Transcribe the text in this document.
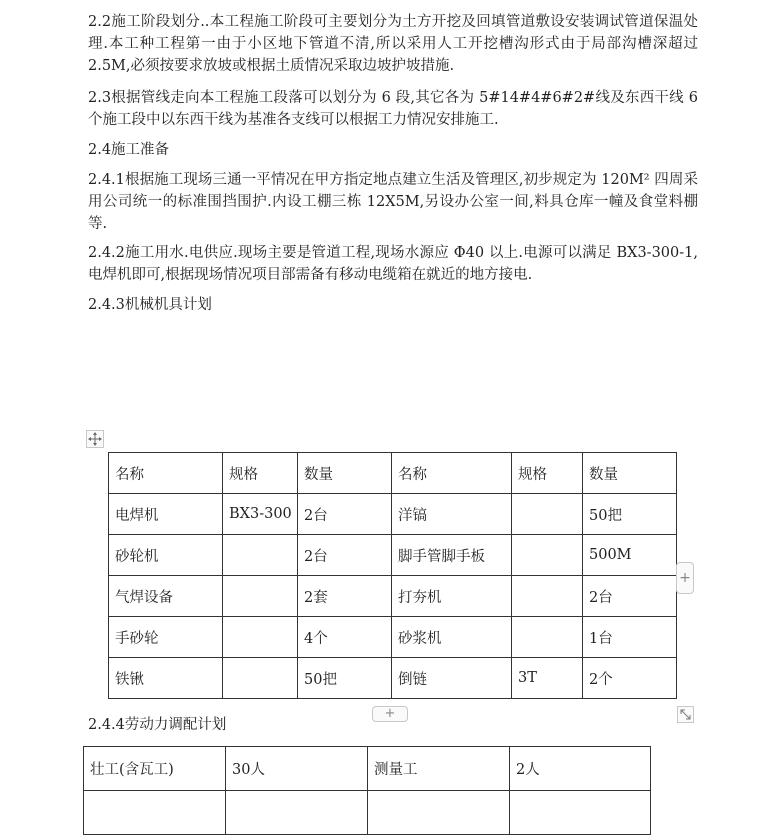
2.2施工阶段划分..本工程施工阶段可主要划分为土方开挖及回填管道敷设安装调试管道保温处理.本工种工程第一由于小区地下管道不清,所以采用人工开挖槽沟形式由于局部沟槽深超过 2.5M,必须按要求放坡或根据土质情况采取边坡护坡措施.

2.3根据管线走向本工程施工段落可以划分为 6 段,其它各为 5#14#4#6#2#线及东西干线 6 个施工段中以东西干线为基准各支线可以根据工力情况安排施工.

2.4施工准备

2.4.1根据施工现场三通一平情况在甲方指定地点建立生活及管理区,初步规定为 120M² 四周采用公司统一的标准围挡围护.内设工棚三栋 12X5M,另设办公室一间,料具仓库一幢及食堂料棚等.

2.4.2施工用水.电供应.现场主要是管道工程,现场水源应 Φ40 以上.电源可以满足 BX3-300-1,电焊机即可,根据现场情况项目部需备有移动电缆箱在就近的地方接电.

2.4.3机械机具计划

名称	规格	数量	名称	规格	数量
电焊机	BX3-300	2台	洋镐		50把
砂轮机		2台	脚手管脚手板		500M
气焊设备		2套	打夯机		2台
手砂轮		4个	砂浆机		1台
铁锹		50把	倒链	3T	2个
+
+

2.4.4劳动力调配计划

壮工(含瓦工)	30人	测量工	2人
